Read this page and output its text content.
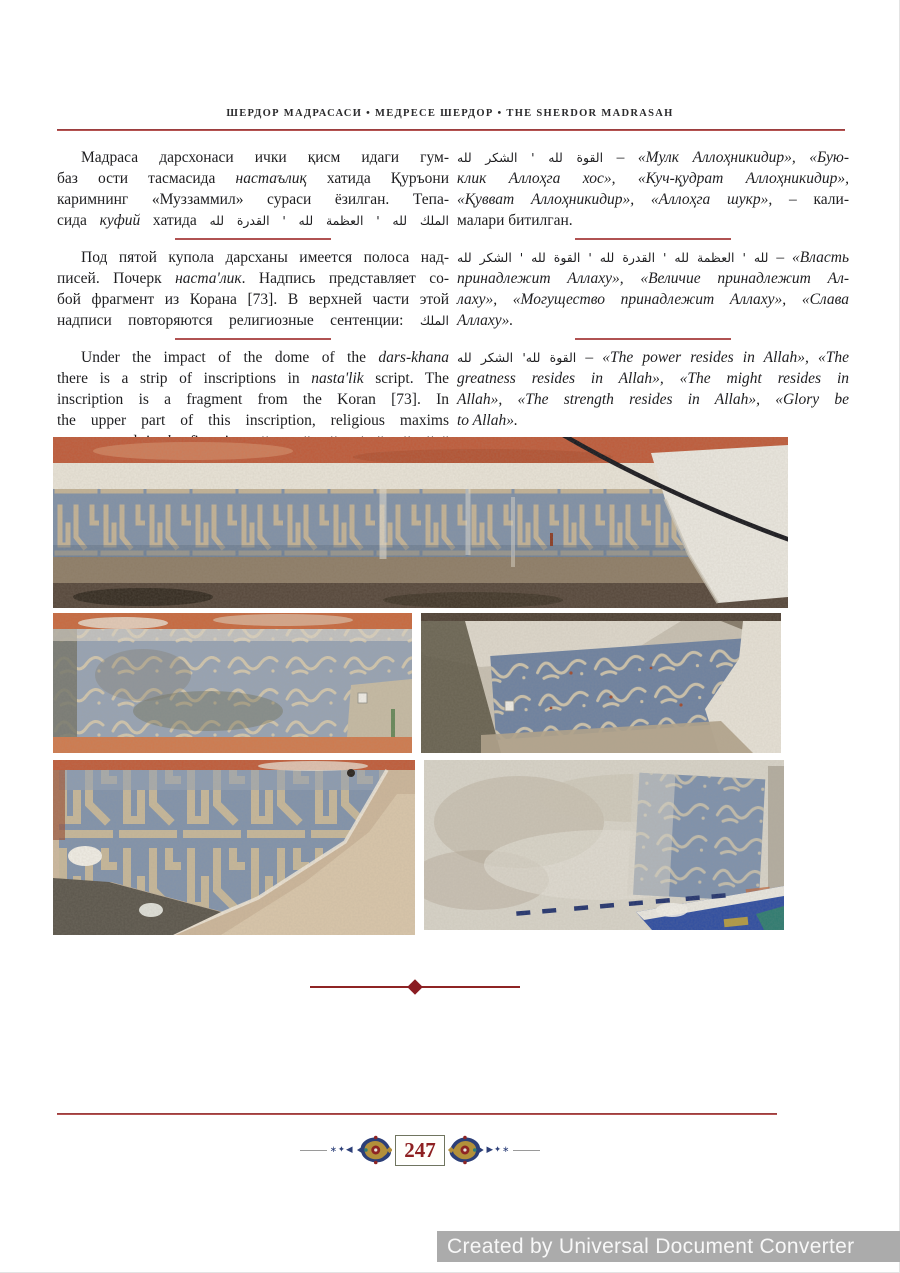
ШЕРДОР МАДРАСАСИ • МЕДРЕСЕ ШЕРДОР • THE SHERDOR MADRASAH
Мадраса дарсхонаси ички қисм идаги гум-
баз ости тасмасида настаълиқ хатида Қуръони
каримнинг «Муззаммил» сураси ёзилган. Тепа-
сида куфий хатида الملك لله ' العظمة لله ' القدرة لله
Под пятой купола дарсханы имеется полоса над-
писей. Почерк наста'лик. Надпись представляет со-
бой фрагмент из Корана [73]. В верхней части этой
надписи повторяются религиозные сентенции: الملك
Under the impact of the dome of the dars-khana
there is a strip of inscriptions in nasta'lik script. The
inscription is a fragment from the Koran [73]. In
the upper part of this inscription, religious maxims
القوة لله ' الشكر لله – «Мулк Аллоҳникидир», «Бую-
клик Аллоҳга хос», «Куч-қудрат Аллоҳникидир»,
«Қувват Аллоҳникидир», «Аллоҳга шукр», – кали-
малари битилган.
لله ' العظمة لله ' القدرة لله ' القوة لله ' الشكر لله – «Власть
принадлежит Аллаху», «Величие принадлежит Ал-
лаху», «Могущество принадлежит Аллаху», «Слава
Аллаху».
القوة لله' الشكر لله – «The power resides in Allah», «The
greatness resides in Allah», «The might resides in
Allah», «The strength resides in Allah», «Glory be
to Allah».
∗✦◀	247	▶✦∗
Created by Universal Document Converter
